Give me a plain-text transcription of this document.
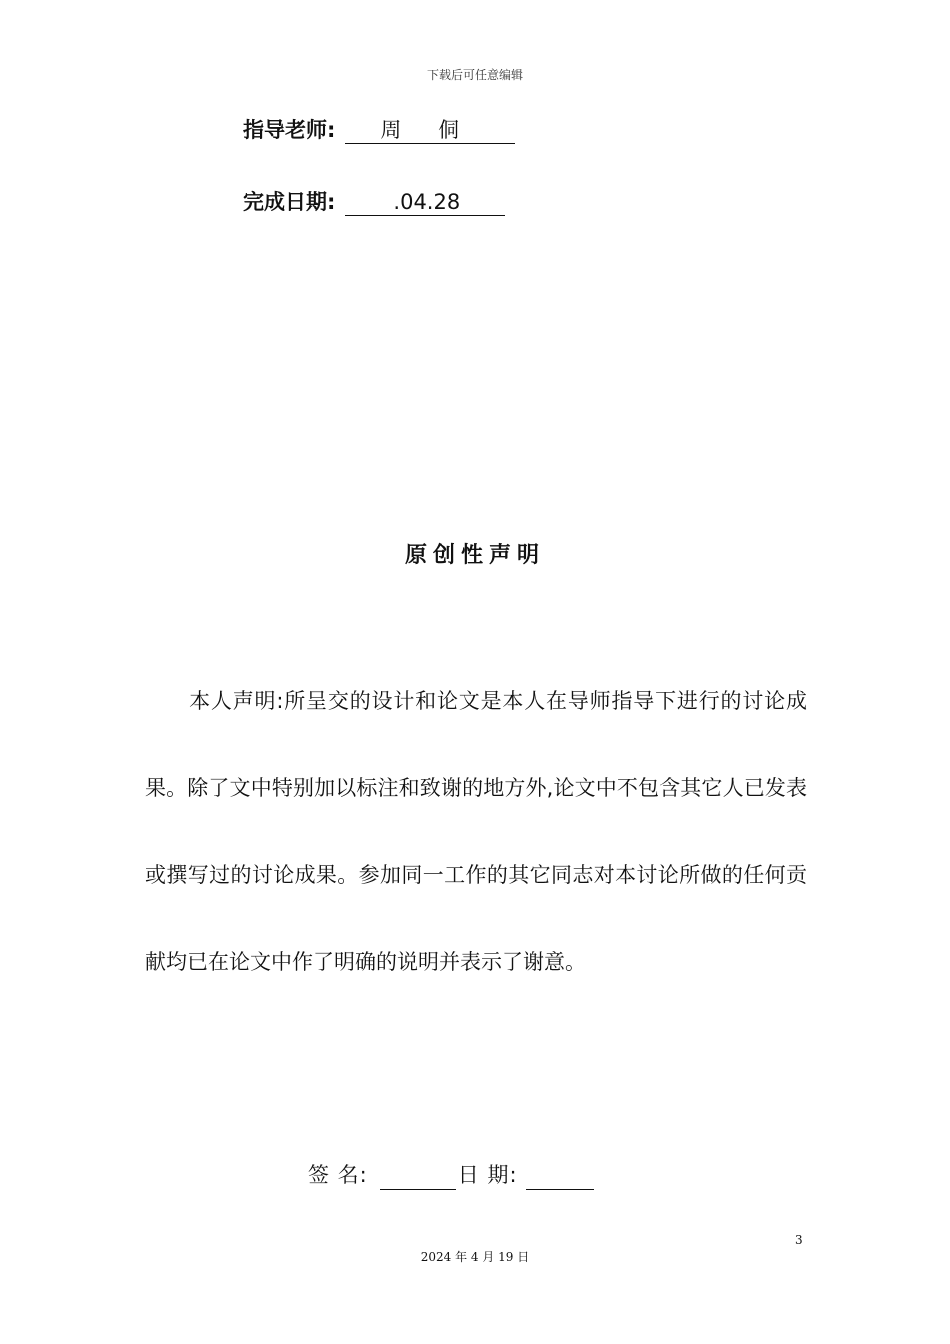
下载后可任意编辑
指导老师:	周    侗
完成日期:	.04.28
原创性声明

本人声明:所呈交的设计和论文是本人在导师指导下进行的讨论成果。除了文中特别加以标注和致谢的地方外,论文中不包含其它人已发表或撰写过的讨论成果。参加同一工作的其它同志对本讨论所做的任何贡献均已在论文中作了明确的说明并表示了谢意。

签 名:	日 期:
3
2024 年 4 月 19 日
